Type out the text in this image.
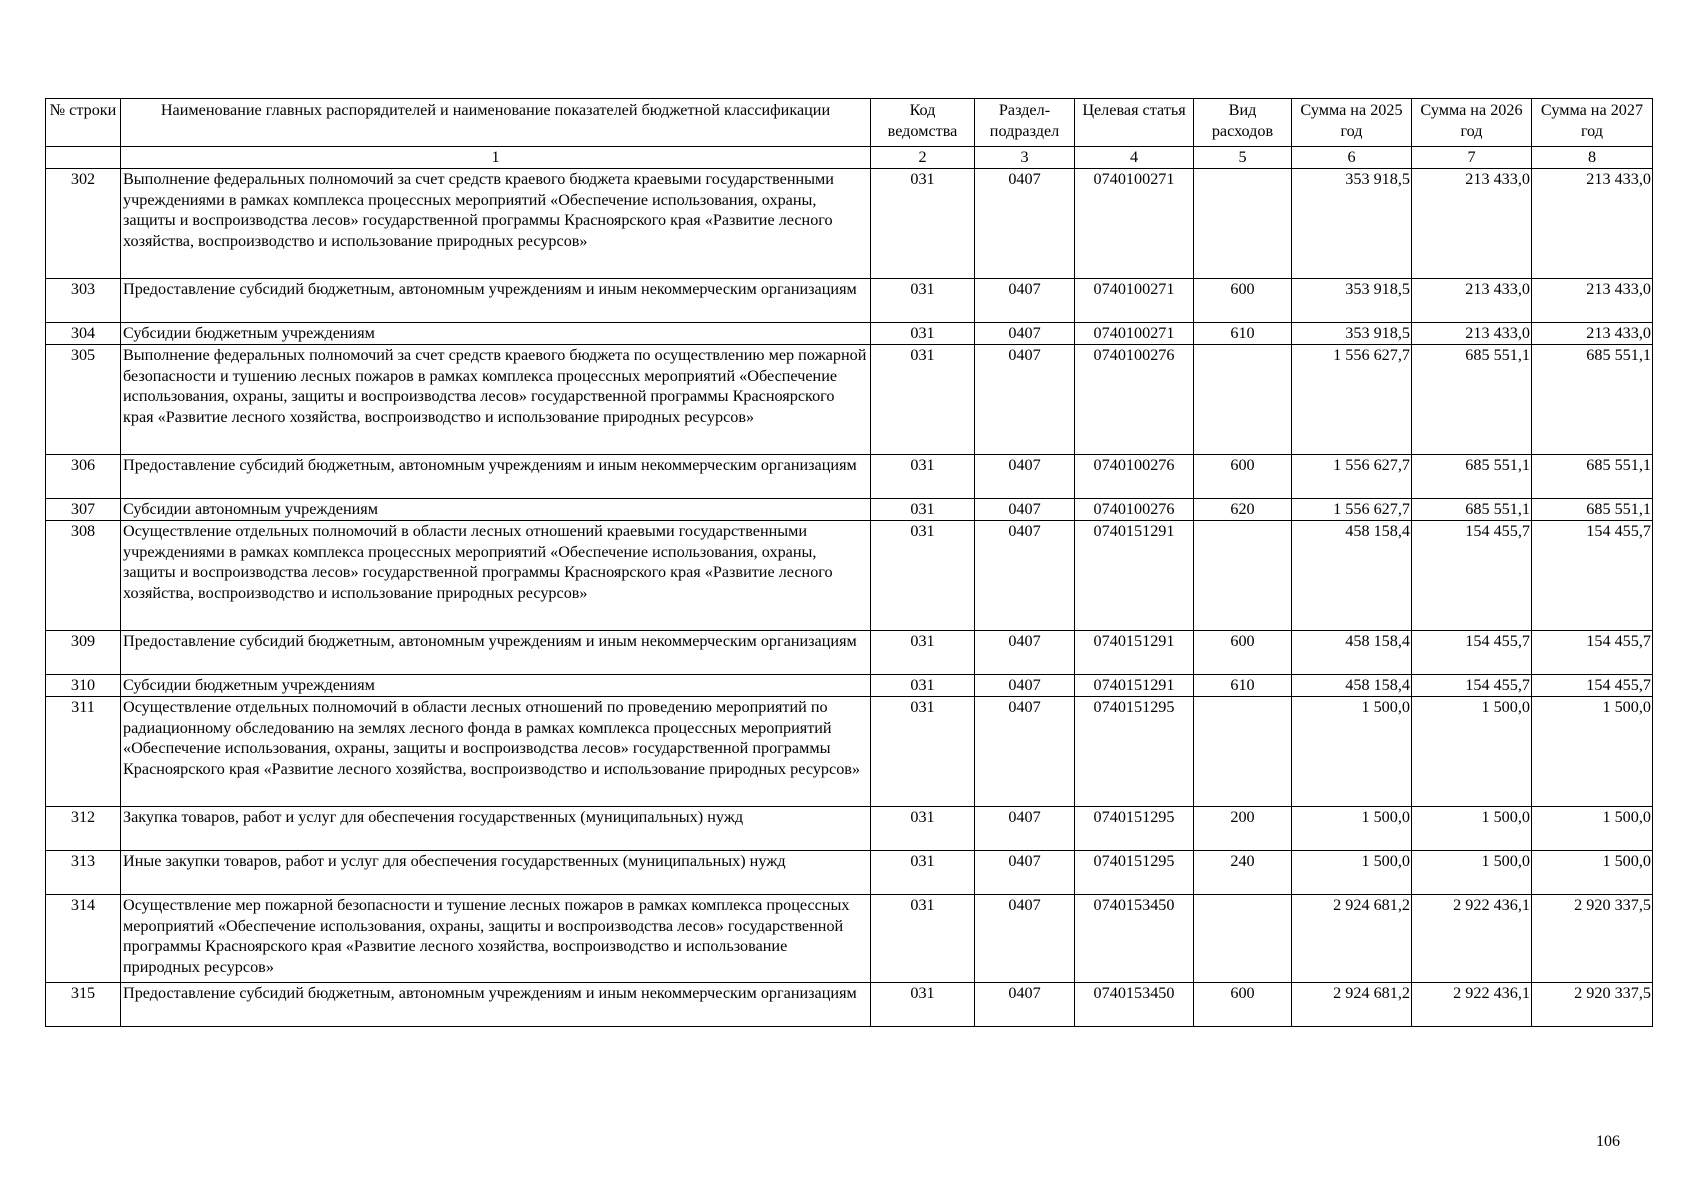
№ строки	Наименование главных распорядителей и наименование показателей бюджетной классификации	Код ведомства	Раздел-подраздел	Целевая статья	Вид расходов	Сумма на 2025 год	Сумма на 2026 год	Сумма на 2027 год
	1	2	3	4	5	6	7	8
302	Выполнение федеральных полномочий за счет средств краевого бюджета краевыми государственными учреждениями в рамках комплекса процессных мероприятий «Обеспечение использования, охраны, защиты и воспроизводства лесов» государственной программы Красноярского края «Развитие лесного хозяйства, воспроизводство и использование природных ресурсов»	031	0407	0740100271		353 918,5	213 433,0	213 433,0
303	Предоставление субсидий бюджетным, автономным учреждениям и иным некоммерческим организациям	031	0407	0740100271	600	353 918,5	213 433,0	213 433,0
304	Субсидии бюджетным учреждениям	031	0407	0740100271	610	353 918,5	213 433,0	213 433,0
305	Выполнение федеральных полномочий за счет средств краевого бюджета по осуществлению мер пожарной безопасности и тушению лесных пожаров в рамках комплекса процессных мероприятий «Обеспечение использования, охраны, защиты и воспроизводства лесов» государственной программы Красноярского края «Развитие лесного хозяйства, воспроизводство и использование природных ресурсов»	031	0407	0740100276		1 556 627,7	685 551,1	685 551,1
306	Предоставление субсидий бюджетным, автономным учреждениям и иным некоммерческим организациям	031	0407	0740100276	600	1 556 627,7	685 551,1	685 551,1
307	Субсидии автономным учреждениям	031	0407	0740100276	620	1 556 627,7	685 551,1	685 551,1
308	Осуществление отдельных полномочий в области лесных отношений краевыми государственными учреждениями в рамках комплекса процессных мероприятий «Обеспечение использования, охраны, защиты и воспроизводства лесов» государственной программы Красноярского края «Развитие лесного хозяйства, воспроизводство и использование природных ресурсов»	031	0407	0740151291		458 158,4	154 455,7	154 455,7
309	Предоставление субсидий бюджетным, автономным учреждениям и иным некоммерческим организациям	031	0407	0740151291	600	458 158,4	154 455,7	154 455,7
310	Субсидии бюджетным учреждениям	031	0407	0740151291	610	458 158,4	154 455,7	154 455,7
311	Осуществление отдельных полномочий в области лесных отношений по проведению мероприятий по радиационному обследованию на землях лесного фонда в рамках комплекса процессных мероприятий «Обеспечение использования, охраны, защиты и воспроизводства лесов» государственной программы Красноярского края «Развитие лесного хозяйства, воспроизводство и использование природных ресурсов»	031	0407	0740151295		1 500,0	1 500,0	1 500,0
312	Закупка товаров, работ и услуг для обеспечения государственных (муниципальных) нужд	031	0407	0740151295	200	1 500,0	1 500,0	1 500,0
313	Иные закупки товаров, работ и услуг для обеспечения государственных (муниципальных) нужд	031	0407	0740151295	240	1 500,0	1 500,0	1 500,0
314	Осуществление мер пожарной безопасности и тушение лесных пожаров в рамках комплекса процессных мероприятий «Обеспечение использования, охраны, защиты и воспроизводства лесов» государственной программы Красноярского края «Развитие лесного хозяйства, воспроизводство и использование природных ресурсов»	031	0407	0740153450		2 924 681,2	2 922 436,1	2 920 337,5
315	Предоставление субсидий бюджетным, автономным учреждениям и иным некоммерческим организациям	031	0407	0740153450	600	2 924 681,2	2 922 436,1	2 920 337,5
106
